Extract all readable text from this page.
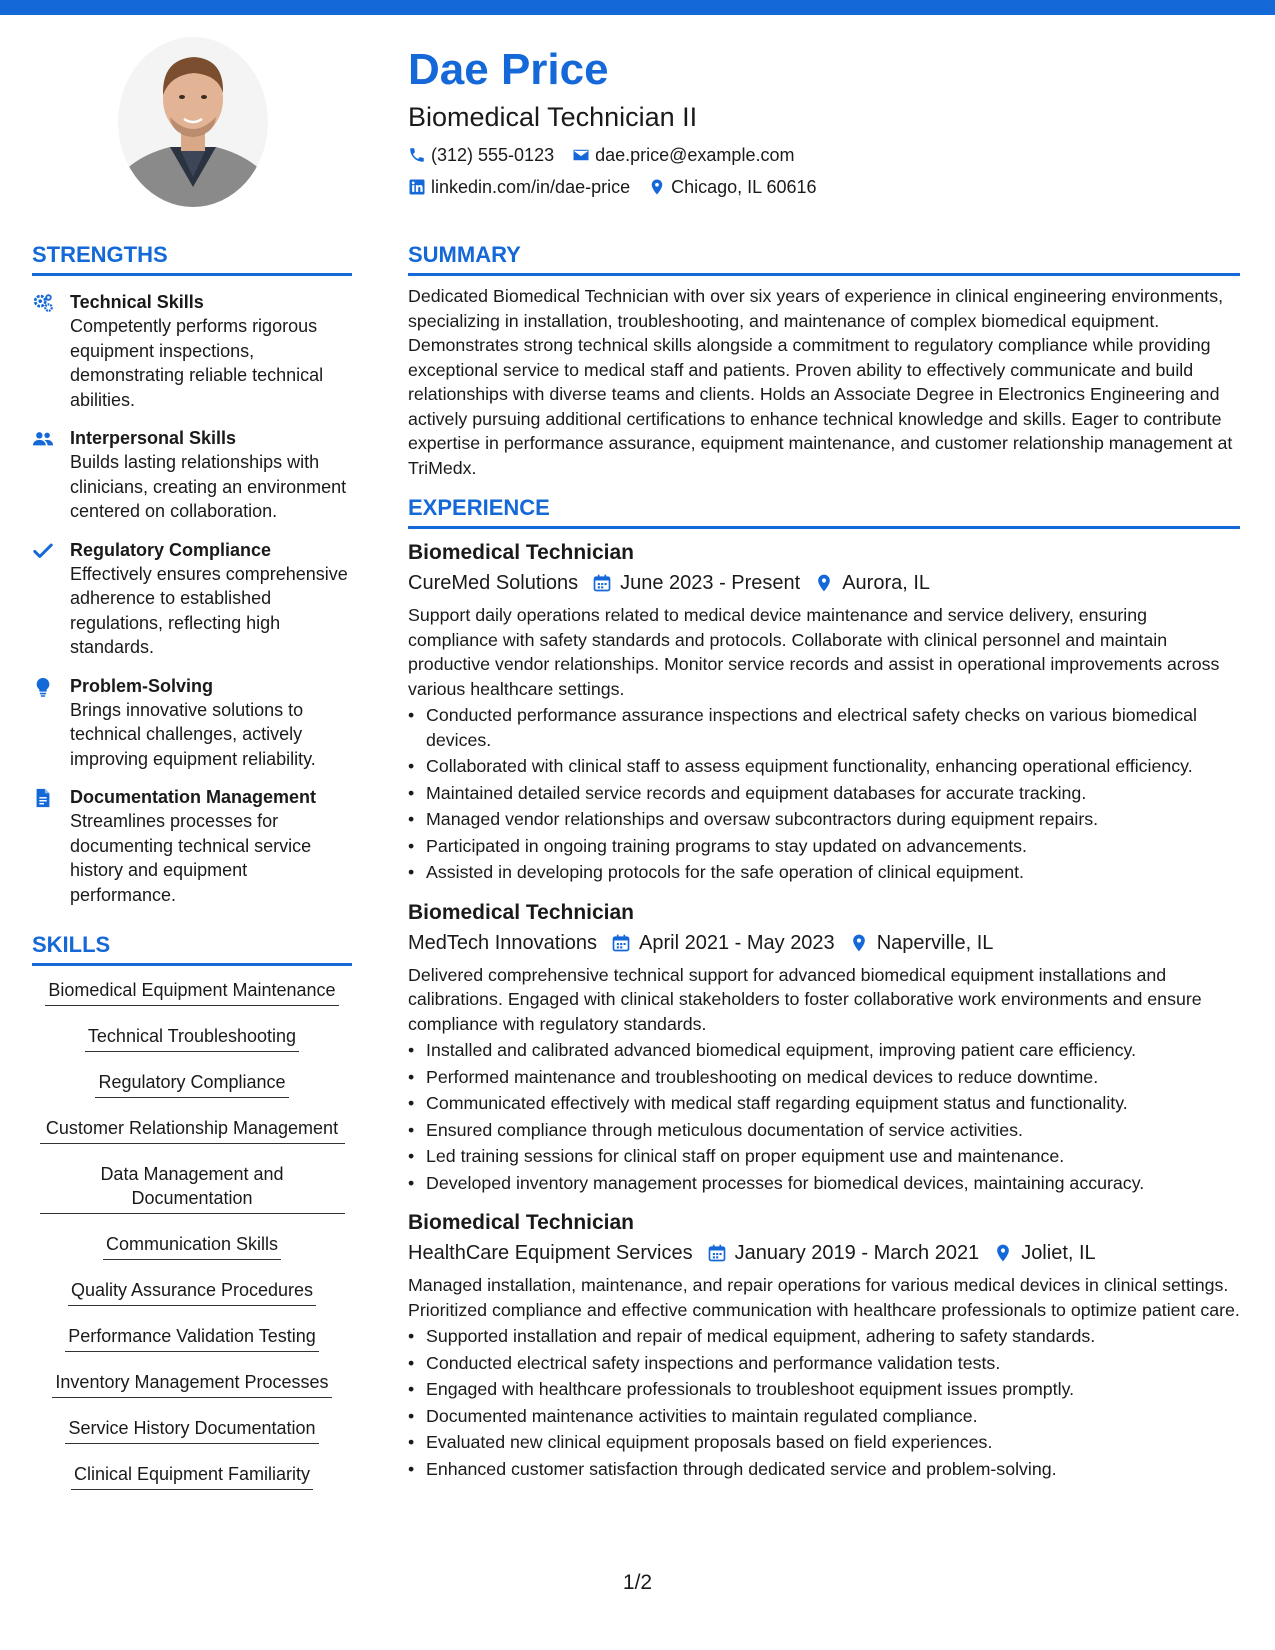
Dae Price
Biomedical Technician II
(312) 555-0123 dae.price@example.com
linkedin.com/in/dae-price Chicago, IL 60616
STRENGTHS
Technical Skills
Competently performs rigorous equipment inspections, demonstrating reliable technical abilities.
Interpersonal Skills
Builds lasting relationships with clinicians, creating an environment centered on collaboration.
Regulatory Compliance
Effectively ensures comprehensive adherence to established regulations, reflecting high standards.
Problem-Solving
Brings innovative solutions to technical challenges, actively improving equipment reliability.
Documentation Management
Streamlines processes for documenting technical service history and equipment performance.
SKILLS
Biomedical Equipment Maintenance
Technical Troubleshooting
Regulatory Compliance
Customer Relationship Management
Data Management and Documentation
Communication Skills
Quality Assurance Procedures
Performance Validation Testing
Inventory Management Processes
Service History Documentation
Clinical Equipment Familiarity
SUMMARY
Dedicated Biomedical Technician with over six years of experience in clinical engineering environments, specializing in installation, troubleshooting, and maintenance of complex biomedical equipment. Demonstrates strong technical skills alongside a commitment to regulatory compliance while providing exceptional service to medical staff and patients. Proven ability to effectively communicate and build relationships with diverse teams and clients. Holds an Associate Degree in Electronics Engineering and actively pursuing additional certifications to enhance technical knowledge and skills. Eager to contribute expertise in performance assurance, equipment maintenance, and customer relationship management at TriMedx.
EXPERIENCE
Biomedical Technician
CureMed Solutions June 2023 - Present Aurora, IL
Support daily operations related to medical device maintenance and service delivery, ensuring compliance with safety standards and protocols. Collaborate with clinical personnel and maintain productive vendor relationships. Monitor service records and assist in operational improvements across various healthcare settings.
• Conducted performance assurance inspections and electrical safety checks on various biomedical devices.
• Collaborated with clinical staff to assess equipment functionality, enhancing operational efficiency.
• Maintained detailed service records and equipment databases for accurate tracking.
• Managed vendor relationships and oversaw subcontractors during equipment repairs.
• Participated in ongoing training programs to stay updated on advancements.
• Assisted in developing protocols for the safe operation of clinical equipment.
Biomedical Technician
MedTech Innovations April 2021 - May 2023 Naperville, IL
Delivered comprehensive technical support for advanced biomedical equipment installations and calibrations. Engaged with clinical stakeholders to foster collaborative work environments and ensure compliance with regulatory standards.
• Installed and calibrated advanced biomedical equipment, improving patient care efficiency.
• Performed maintenance and troubleshooting on medical devices to reduce downtime.
• Communicated effectively with medical staff regarding equipment status and functionality.
• Ensured compliance through meticulous documentation of service activities.
• Led training sessions for clinical staff on proper equipment use and maintenance.
• Developed inventory management processes for biomedical devices, maintaining accuracy.
Biomedical Technician
HealthCare Equipment Services January 2019 - March 2021 Joliet, IL
Managed installation, maintenance, and repair operations for various medical devices in clinical settings. Prioritized compliance and effective communication with healthcare professionals to optimize patient care.
• Supported installation and repair of medical equipment, adhering to safety standards.
• Conducted electrical safety inspections and performance validation tests.
• Engaged with healthcare professionals to troubleshoot equipment issues promptly.
• Documented maintenance activities to maintain regulated compliance.
• Evaluated new clinical equipment proposals based on field experiences.
• Enhanced customer satisfaction through dedicated service and problem-solving.
1/2
